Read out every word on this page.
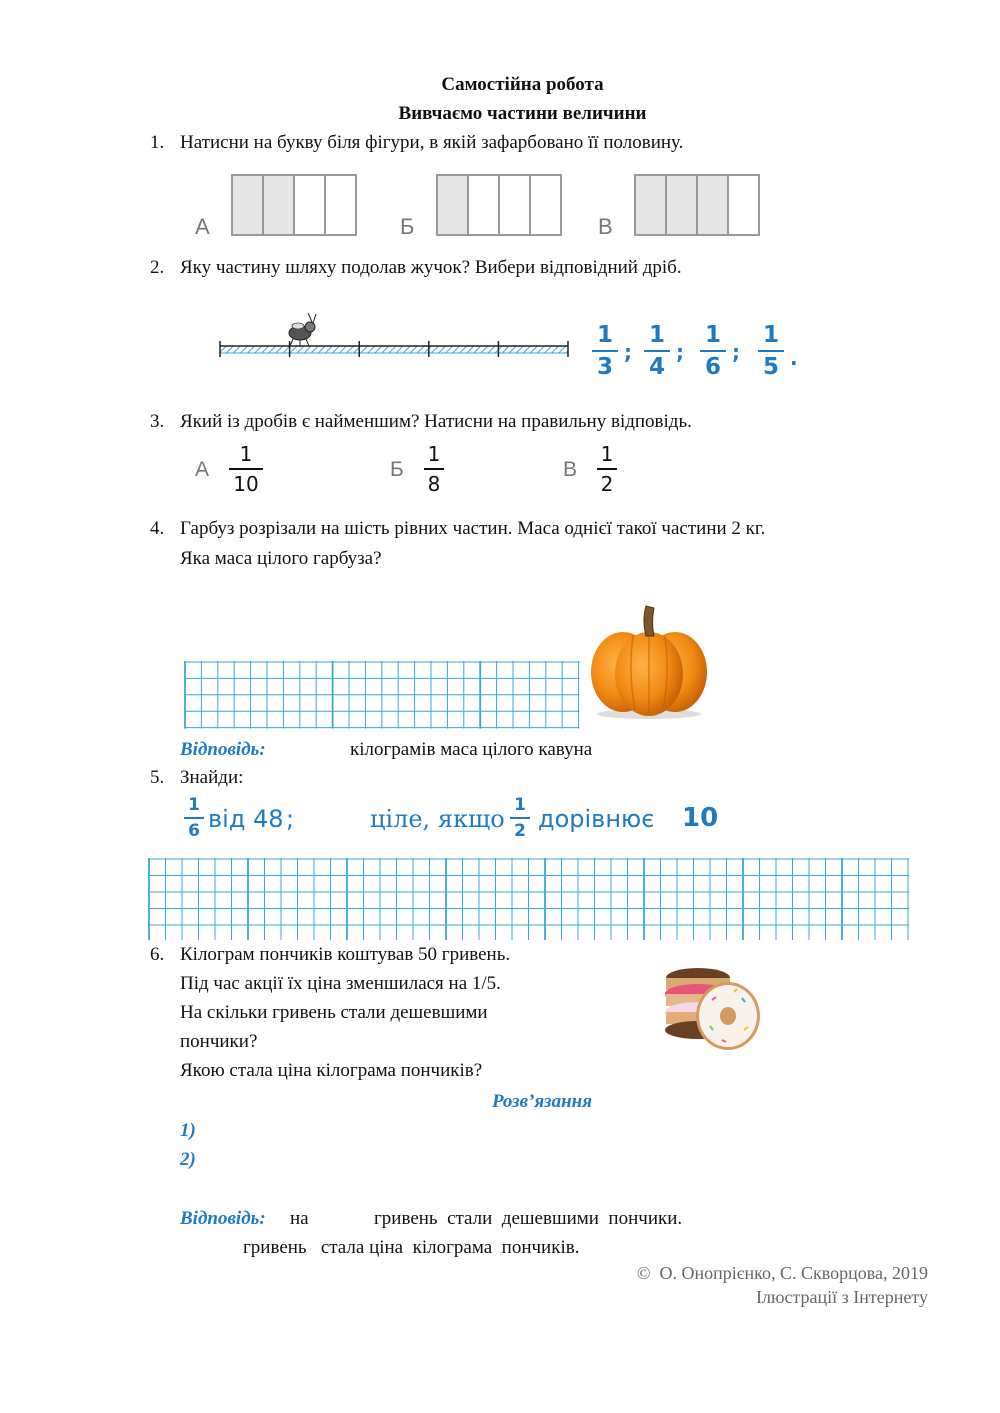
Самостійна робота
Вивчаємо частини величини
1. Натисни на букву біля фігури, в якій зафарбовано її половину.
А	Б	В
2. Яку частину шляху подолав жучок? Вибери відповідний дріб.
1
3
;
1
4
;
1
6
;
1
5 .
3. Який із дробів є найменшим? Натисни на правильну відповідь.
А
1
10
Б
1
8
В
1
2
4. Гарбуз розрізали на шість рівних частин. Маса однієї такої частини 2 кг.
Яка маса цілого гарбуза?
Відповідь:	кілограмів маса цілого кавуна
5. Знайди:
1
6 від 48 ;	ціле, якщо 1
2 дорівнює 10
6. Кілограм пончиків коштував 50 гривень.
Під час акції їх ціна зменшилася на 1/5.
На скільки гривень стали дешевшими
пончики?
Якою стала ціна кілограма пончиків?
Розв’язання
1)
2)
Відповідь: на	гривень  стали  дешевшими  пончики.
гривень   стала ціна  кілограма  пончиків.
©  О. Онопрієнко, С. Скворцова, 2019
Ілюстрації з Інтернету
